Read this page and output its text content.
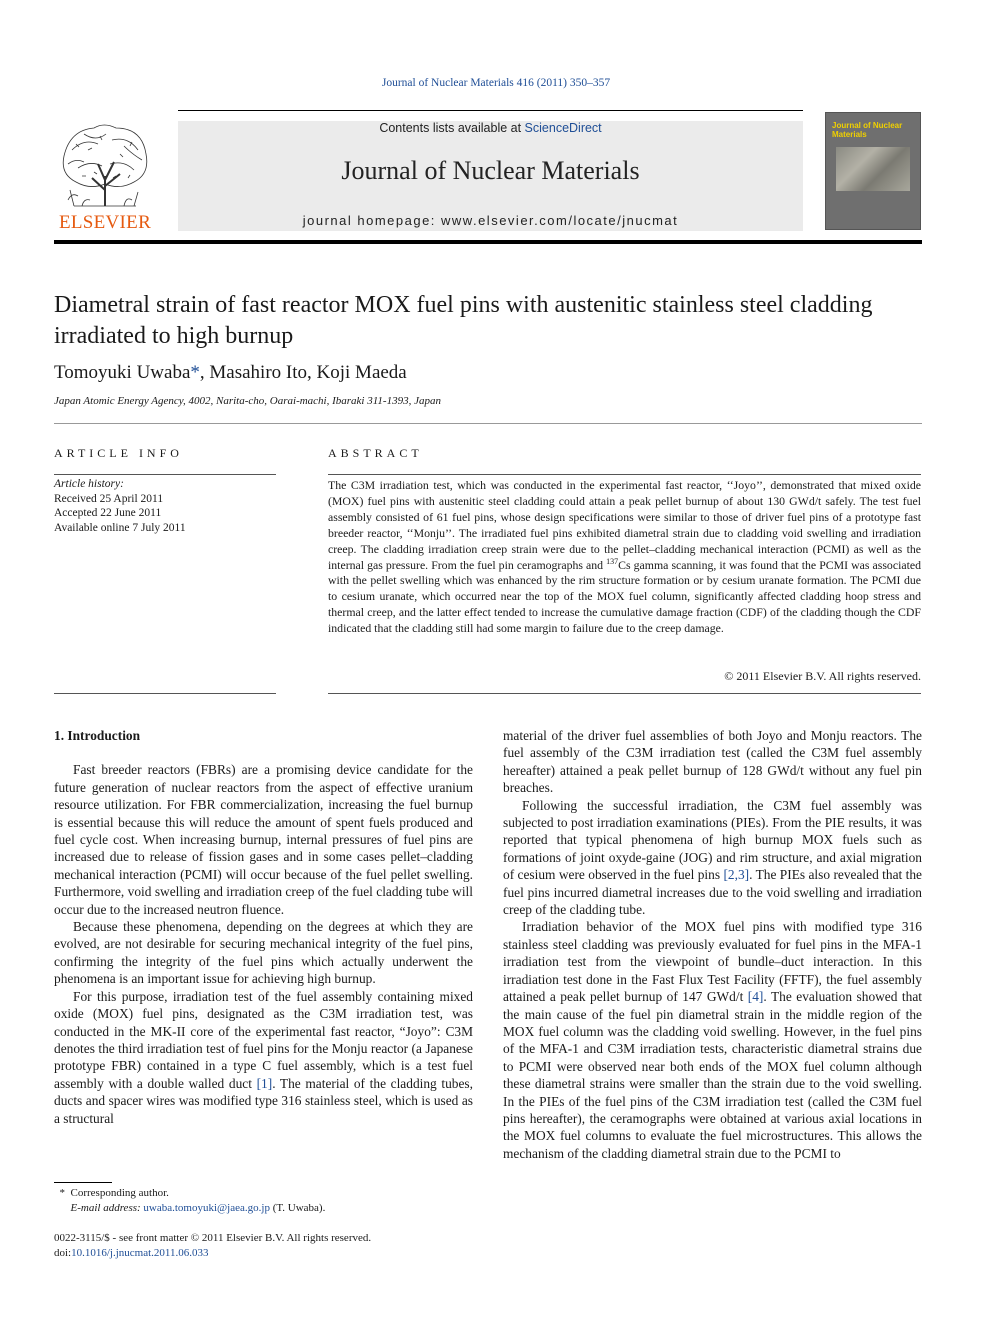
Journal of Nuclear Materials 416 (2011) 350–357
ELSEVIER
Contents lists available at ScienceDirect
Journal of Nuclear Materials
journal homepage: www.elsevier.com/locate/jnucmat
Journal of Nuclear Materials
Diametral strain of fast reactor MOX fuel pins with austenitic stainless steel cladding irradiated to high burnup
Tomoyuki Uwaba*, Masahiro Ito, Koji Maeda
Japan Atomic Energy Agency, 4002, Narita-cho, Oarai-machi, Ibaraki 311-1393, Japan
ARTICLE INFO	ABSTRACT
Article history:
Received 25 April 2011
Accepted 22 June 2011
Available online 7 July 2011
The C3M irradiation test, which was conducted in the experimental fast reactor, ‘‘Joyo’’, demonstrated that mixed oxide (MOX) fuel pins with austenitic steel cladding could attain a peak pellet burnup of about 130 GWd/t safely. The test fuel assembly consisted of 61 fuel pins, whose design specifications were similar to those of driver fuel pins of a prototype fast breeder reactor, ‘‘Monju’’. The irradiated fuel pins exhibited diametral strain due to cladding void swelling and irradiation creep. The cladding irradiation creep strain were due to the pellet–cladding mechanical interaction (PCMI) as well as the internal gas pressure. From the fuel pin ceramographs and $^{137}$Cs gamma scanning, it was found that the PCMI was associated with the pellet swelling which was enhanced by the rim structure formation or by cesium uranate formation. The PCMI due to cesium uranate, which occurred near the top of the MOX fuel column, significantly affected cladding hoop stress and thermal creep, and the latter effect tended to increase the cumulative damage fraction (CDF) of the cladding though the CDF indicated that the cladding still had some margin to failure due to the creep damage.
© 2011 Elsevier B.V. All rights reserved.
1. Introduction

Fast breeder reactors (FBRs) are a promising device candidate for the future generation of nuclear reactors from the aspect of effective uranium resource utilization. For FBR commercialization, increasing the fuel burnup is essential because this will reduce the amount of spent fuels produced and fuel cycle cost. When increasing burnup, internal pressures of fuel pins are increased due to release of fission gases and in some cases pellet–cladding mechanical interaction (PCMI) will occur because of the fuel pellet swelling. Furthermore, void swelling and irradiation creep of the fuel cladding tube will occur due to the increased neutron fluence.

Because these phenomena, depending on the degrees at which they are evolved, are not desirable for securing mechanical integrity of the fuel pins, confirming the integrity of the fuel pins which actually underwent the phenomena is an important issue for achieving high burnup.

For this purpose, irradiation test of the fuel assembly containing mixed oxide (MOX) fuel pins, designated as the C3M irradiation test, was conducted in the MK-II core of the experimental fast reactor, “Joyo”: C3M denotes the third irradiation test of fuel pins for the Monju reactor (a Japanese prototype FBR) contained in a type C fuel assembly, which is a test fuel assembly with a double walled duct [1]. The material of the cladding tubes, ducts and spacer wires was modified type 316 stainless steel, which is used as a structural

material of the driver fuel assemblies of both Joyo and Monju reactors. The fuel assembly of the C3M irradiation test (called the C3M fuel assembly hereafter) attained a peak pellet burnup of 128 GWd/t without any fuel pin breaches.

Following the successful irradiation, the C3M fuel assembly was subjected to post irradiation examinations (PIEs). From the PIE results, it was reported that typical phenomena of high burnup MOX fuels such as formations of joint oxyde-gaine (JOG) and rim structure, and axial migration of cesium were observed in the fuel pins [2,3]. The PIEs also revealed that the fuel pins incurred diametral increases due to the void swelling and irradiation creep of the cladding tube.

Irradiation behavior of the MOX fuel pins with modified type 316 stainless steel cladding was previously evaluated for fuel pins in the MFA-1 irradiation test from the viewpoint of bundle–duct interaction. In this irradiation test done in the Fast Flux Test Facility (FFTF), the fuel assembly attained a peak pellet burnup of 147 GWd/t [4]. The evaluation showed that the main cause of the fuel pin diametral strain in the middle region of the MOX fuel column was the cladding void swelling. However, in the fuel pins of the MFA-1 and C3M irradiation tests, characteristic diametral strains due to PCMI were observed near both ends of the MOX fuel column although these diametral strains were smaller than the strain due to the void swelling. In the PIEs of the fuel pins of the C3M irradiation test (called the C3M fuel pins hereafter), the ceramographs were obtained at various axial locations in the MOX fuel columns to evaluate the fuel microstructures. This allows the mechanism of the cladding diametral strain due to the PCMI to

* Corresponding author.
E-mail address: uwaba.tomoyuki@jaea.go.jp (T. Uwaba).
0022-3115/$ - see front matter © 2011 Elsevier B.V. All rights reserved.
doi:10.1016/j.jnucmat.2011.06.033
